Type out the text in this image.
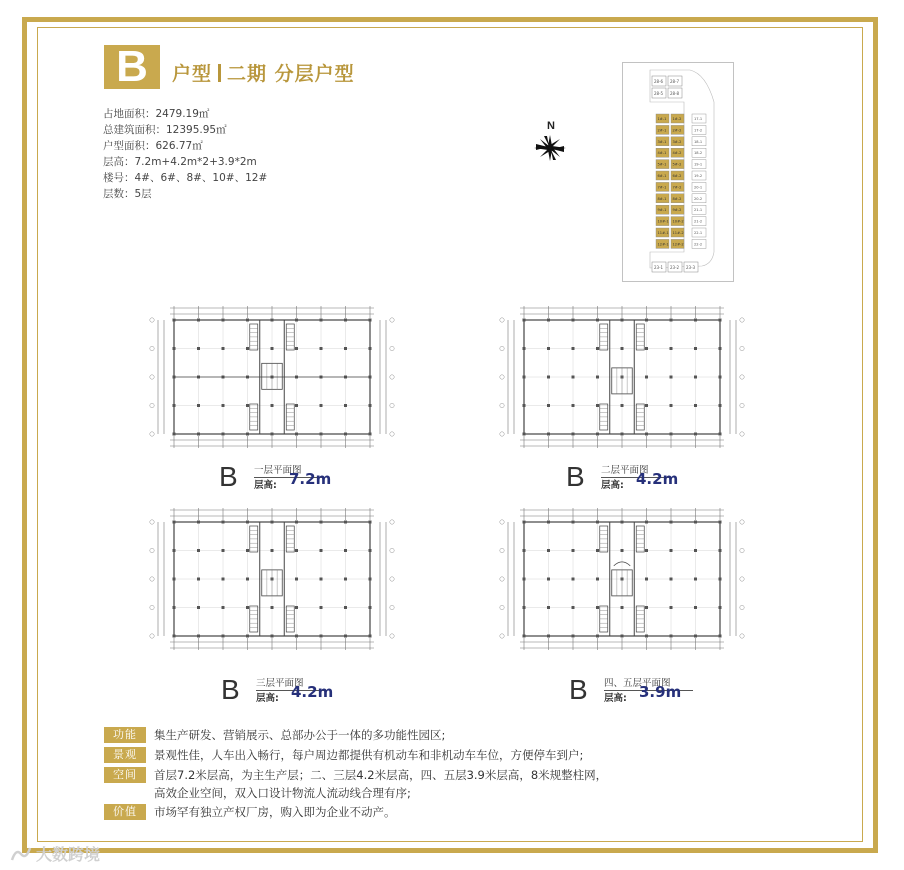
B	户型 二期 分层户型
占地面积：2479.19㎡
总建筑面积：12395.95㎡
户型面积：626.77㎡
层高：7.2m+4.2m*2+3.9*2m
楼号：4#、6#、8#、10#、12#
层数：5层
N
28-6 28-7
28-8
28-5
1#-1 1#-2	17-1
2#-1 2#-2	17-2
3#-1 3#-2	18-1
4#-1 4#-2	18-2
5#-1 5#-2	19-1
6#-1 6#-2	19-2
7#-1 7#-2	20-1
8#-1 8#-2	20-2
9#-1 9#-2	21-1
10#-1 10#-2	21-2
11#-1 11#-2	22-1
12#-1 12#-2	22-2
23-1 23-2 23-3
B 一层平面图
层高: 7.2m	B 二层平面图
层高: 4.2m
B 三层平面图
层高: 4.2m	B 四、五层平面图
层高: 3.9m
功能	集生产研发、营销展示、总部办公于一体的多功能性园区;
景观	景观性佳，人车出入畅行，每户周边都提供有机动车和非机动车车位，方便停车到户;
空间	首层7.2米层高，为主生产层；二、三层4.2米层高，四、五层3.9米层高，8米规整柱网，
高效企业空间，双入口设计物流人流动线合理有序;
价值	市场罕有独立产权厂房，购入即为企业不动产。
大数跨境
